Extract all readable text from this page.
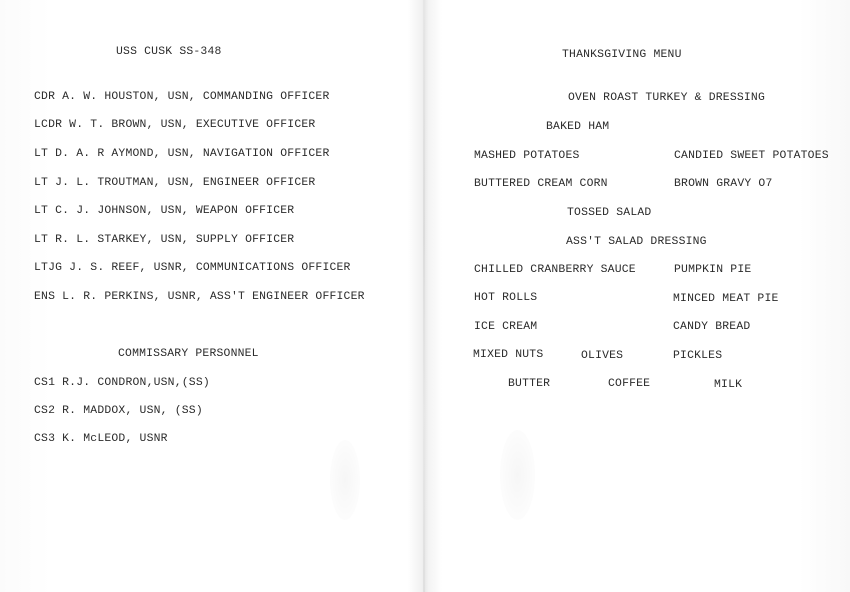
USS CUSK SS-348
CDR A. W. HOUSTON, USN, COMMANDING OFFICER
LCDR W. T. BROWN, USN, EXECUTIVE OFFICER
LT D. A. R AYMOND, USN, NAVIGATION OFFICER
LT J. L. TROUTMAN, USN, ENGINEER OFFICER
LT C. J. JOHNSON, USN, WEAPON OFFICER
LT R. L. STARKEY, USN, SUPPLY OFFICER
LTJG J. S. REEF, USNR, COMMUNICATIONS OFFICER
ENS L. R. PERKINS, USNR, ASS'T ENGINEER OFFICER
COMMISSARY PERSONNEL
CS1 R.J. CONDRON,USN,(SS)
CS2 R. MADDOX, USN, (SS)
CS3 K. McLEOD, USNR
THANKSGIVING MENU
OVEN ROAST TURKEY & DRESSING
BAKED HAM
MASHED POTATOES	CANDIED SWEET POTATOES
BUTTERED CREAM CORN	BROWN GRAVY O7
TOSSED SALAD
ASS'T SALAD DRESSING
CHILLED CRANBERRY SAUCE	PUMPKIN PIE
HOT ROLLS	MINCED MEAT PIE
ICE CREAM	CANDY BREAD
MIXED NUTS	OLIVES	PICKLES
BUTTER	COFFEE	MILK
